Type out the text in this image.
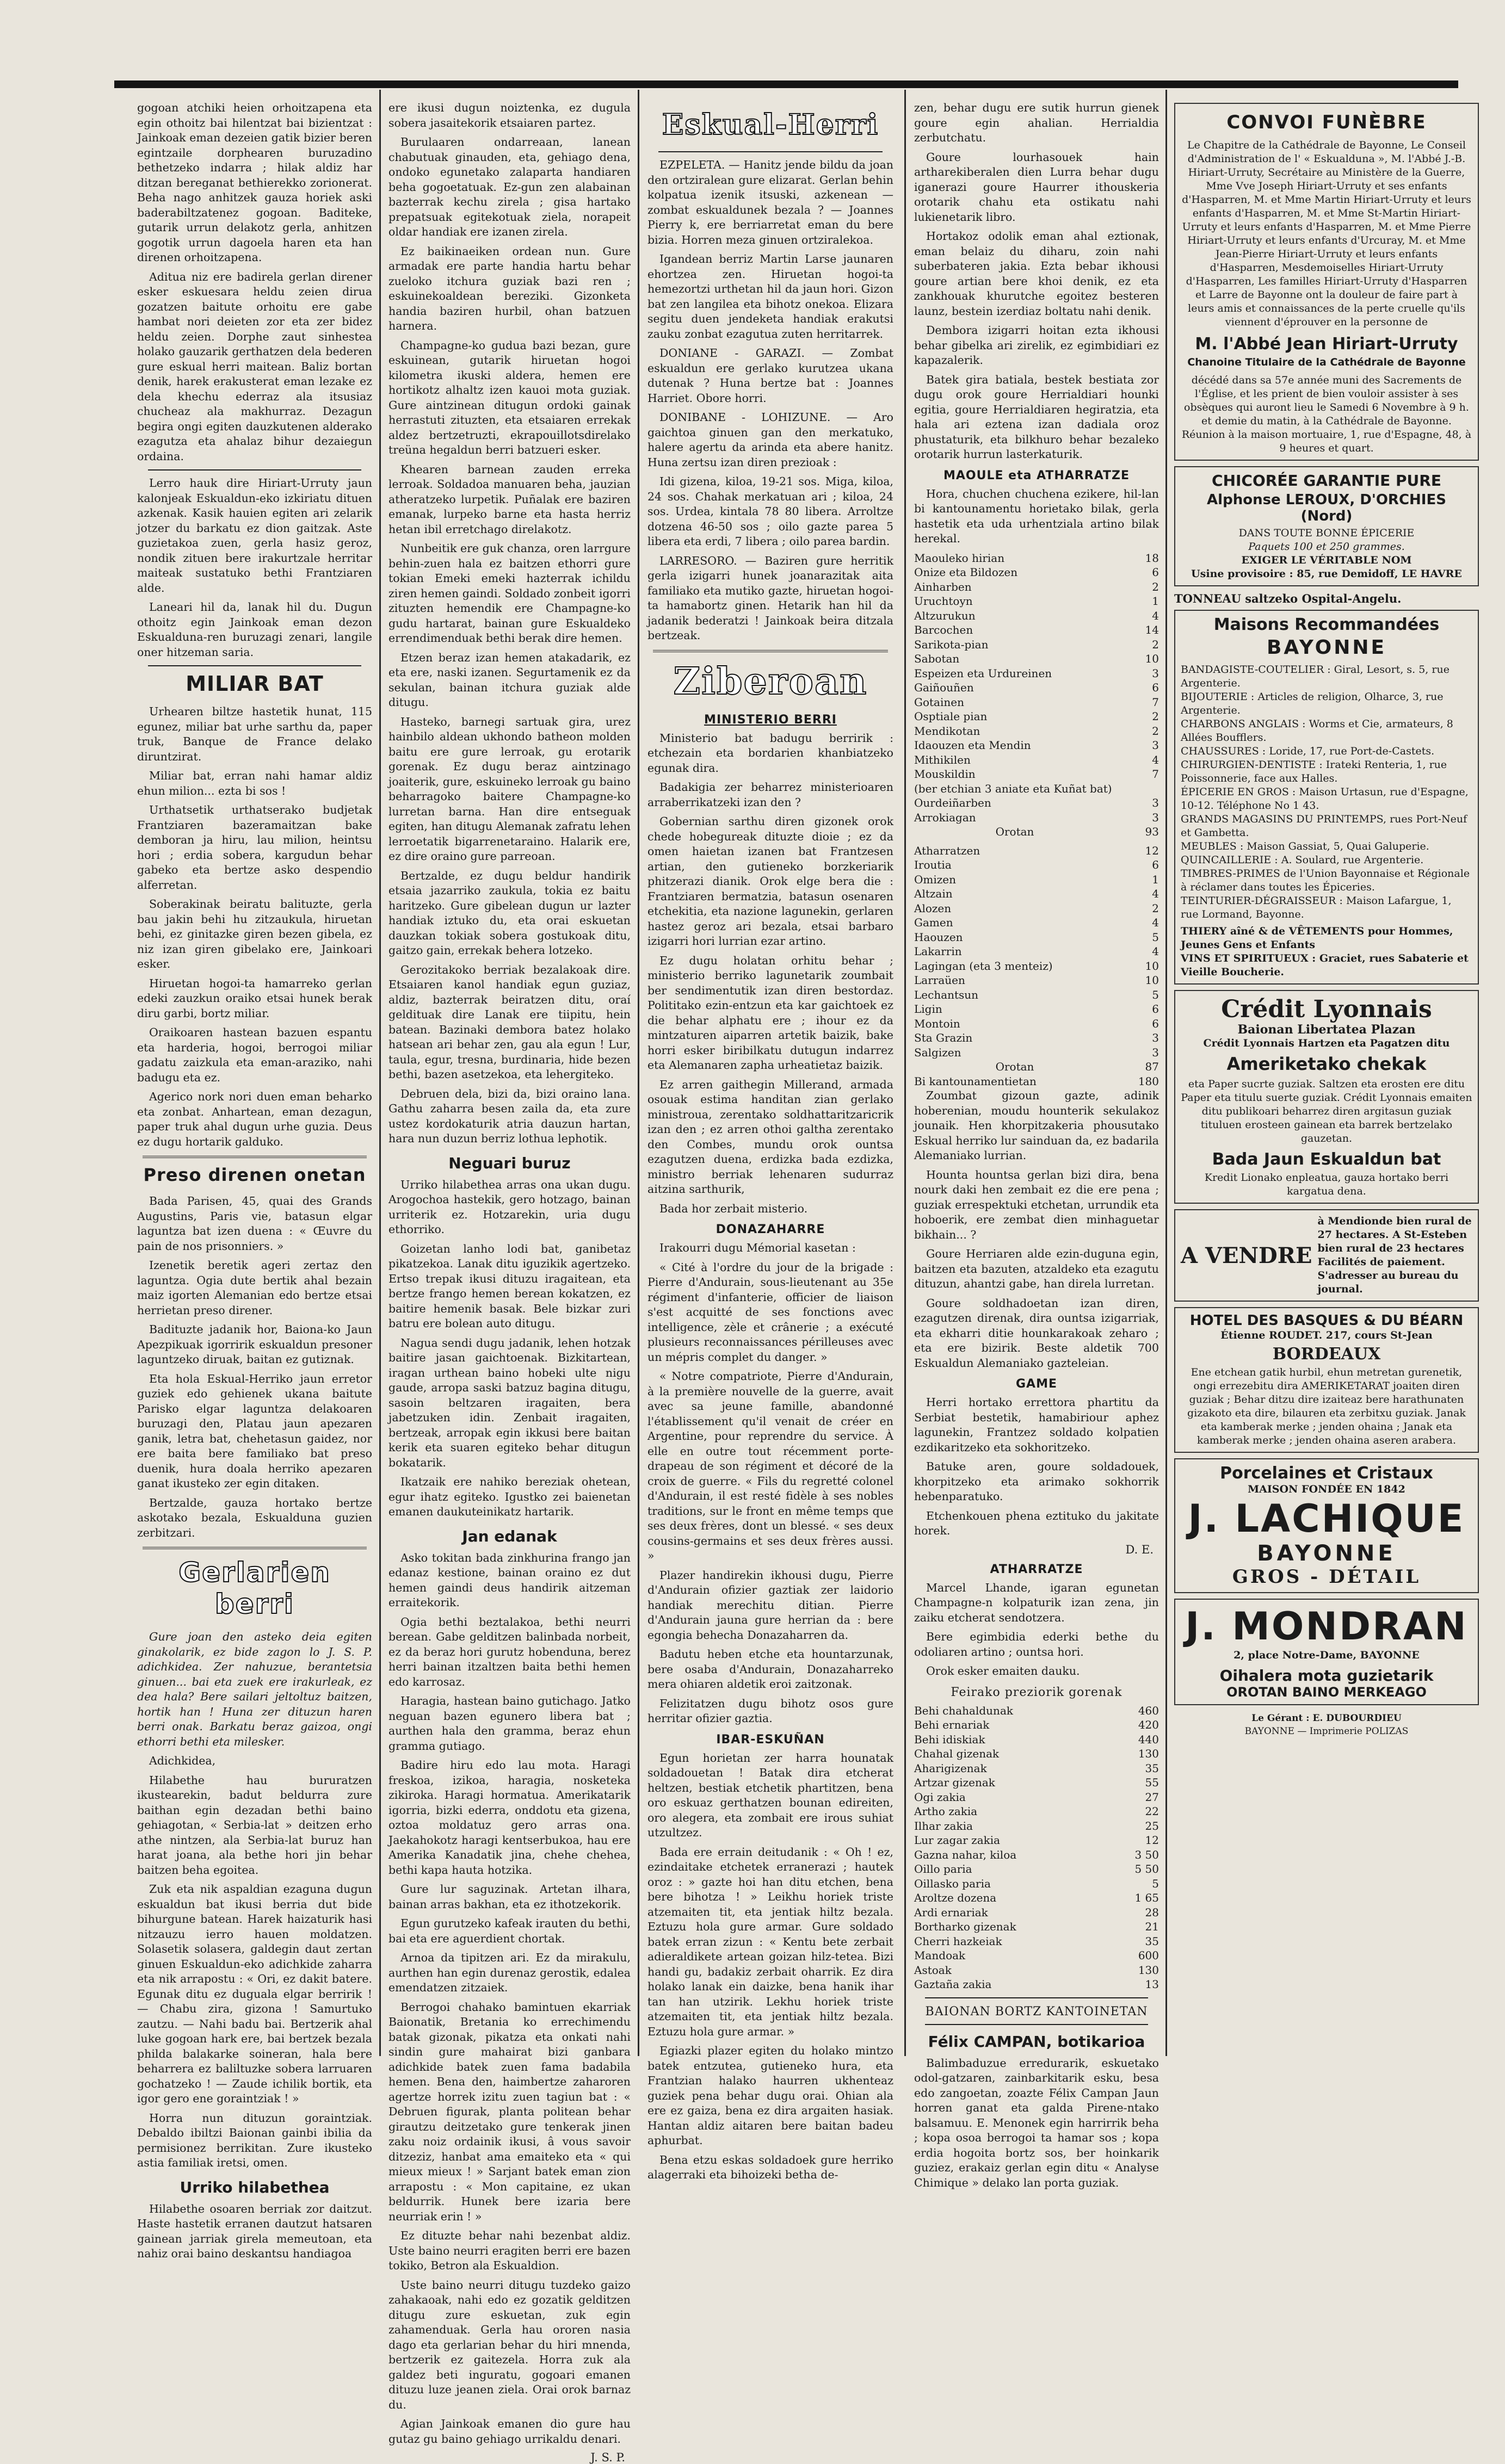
gogoan atchiki heien orhoitzapena eta egin othoitz bai hilentzat bai bizientzat : Jainkoak eman dezeien gatik bizier beren egintzaile dorphearen buruzadino bethetzeko indarra ; hilak aldiz har ditzan bereganat bethierekko zorionerat. Beha nago anhitzek gauza horiek aski baderabiltzatenez gogoan. Baditeke, gutarik urrun delakotz gerla, anhitzen gogotik urrun dagoela haren eta han direnen orhoitzapena.

Aditua niz ere badirela gerlan direner esker eskuesara heldu zeien dirua gozatzen baitute orhoitu ere gabe hambat nori deieten zor eta zer bidez heldu zeien. Dorphe zaut sinhestea holako gauzarik gerthatzen dela bederen gure eskual herri maitean. Baliz bortan denik, harek erakusterat eman lezake ez dela khechu ederraz ala itsusiaz chucheaz ala makhurraz. Dezagun begira ongi egiten dauzkutenen alderako ezagutza eta ahalaz bihur dezaiegun ordaina.

Lerro hauk dire Hiriart-Urruty jaun kalonjeak Eskualdun-eko izkiriatu dituen azkenak. Kasik hauien egiten ari zelarik jotzer du barkatu ez dion gaitzak. Aste guzietakoa zuen, gerla hasiz geroz, nondik zituen bere irakurtzale herritar maiteak sustatuko bethi Frantziaren alde.

Laneari hil da, lanak hil du. Dugun othoitz egin Jainkoak eman dezon Eskualduna-ren buruzagi zenari, langile oner hitzeman saria.

MILIAR BAT

Urhearen biltze hastetik hunat, 115 egunez, miliar bat urhe sarthu da, paper truk, Banque de France delako diruntzirat.

Miliar bat, erran nahi hamar aldiz ehun milion... ezta bi sos !

Urthatsetik urthatserako budjetak Frantziaren bazeramaitzan bake demboran ja hiru, lau milion, heintsu hori ; erdia sobera, kargudun behar gabeko eta bertze asko despendio alferretan.

Soberakinak beiratu balituzte, gerla bau jakin behi hu zitzaukula, hiruetan behi, ez ginitazke giren bezen gibela, ez niz izan giren gibelako ere, Jainkoari esker.

Hiruetan hogoi-ta hamarreko gerlan edeki zauzkun oraiko etsai hunek berak diru garbi, bortz miliar.

Oraikoaren hastean bazuen espantu eta harderia, hogoi, berrogoi miliar gadatu zaizkula eta eman-araziko, nahi badugu eta ez.

Agerico nork nori duen eman beharko eta zonbat. Anhartean, eman dezagun, paper truk ahal dugun urhe guzia. Deus ez dugu hortarik galduko.

Preso direnen onetan

Bada Parisen, 45, quai des Grands Augustins, Paris vie, batasun elgar laguntza bat izen duena : « Œuvre du pain de nos prisonniers. »

Izenetik beretik ageri zertaz den laguntza. Ogia dute bertik ahal bezain maiz igorten Alemanian edo bertze etsai herrietan preso direner.

Badituzte jadanik hor, Baiona-ko Jaun Apezpikuak igorririk eskualdun presoner laguntzeko diruak, baitan ez gutiznak.

Eta hola Eskual-Herriko jaun erretor guziek edo gehienek ukana baitute Parisko elgar laguntza delakoaren buruzagi den, Platau jaun apezaren ganik, letra bat, chehetasun gaidez, nor ere baita bere familiako bat preso duenik, hura doala herriko apezaren ganat ikusteko zer egin ditaken.

Bertzalde, gauza hortako bertze askotako bezala, Eskualduna guzien zerbitzari.

Gerlarien berri

Gure joan den asteko deia egiten ginakolarik, ez bide zagon lo J. S. P. adichkidea. Zer nahuzue, berantetsia ginuen... bai eta zuek ere irakurleak, ez dea hala? Bere sailari jeltoltuz baitzen, hortik han ! Huna zer dituzun haren berri onak. Barkatu beraz gaizoa, ongi ethorri bethi eta milesker.

Adichkidea,

Hilabethe hau bururatzen ikustearekin, badut beldurra zure baithan egin dezadan bethi baino gehiagotan, « Serbia-lat » deitzen erho athe nintzen, ala Serbia-lat buruz han harat joana, ala bethe hori jin behar baitzen beha egoitea.

Zuk eta nik aspaldian ezaguna dugun eskualdun bat ikusi berria dut bide bihurgune batean. Harek haizaturik hasi nitzauzu ierro hauen moldatzen. Solasetik solasera, galdegin daut zertan ginuen Eskualdun-eko adichkide zaharra eta nik arrapostu : « Ori, ez dakit batere. Egunak ditu ez duguala elgar berririk ! — Chabu zira, gizona ! Samurtuko zautzu. — Nahi badu bai. Bertzerik ahal luke gogoan hark ere, bai bertzek bezala philda balakarke soineran, hala bere beharrera ez baliltuzke sobera larruaren gochatzeko ! — Zaude ichilik bortik, eta igor gero ene goraintziak ! »

Horra nun dituzun goraintziak. Debaldo ibiltzi Baionan gainbi ibilia da permisionez berrikitan. Zure ikusteko astia familiak iretsi, omen.

Urriko hilabethea

Hilabethe osoaren berriak zor daitzut. Haste hastetik erranen dautzut hatsaren gainean jarriak girela memeutoan, eta nahiz orai baino deskantsu handiagoa

ere ikusi dugun noiztenka, ez dugula sobera jasaitekorik etsaiaren partez.

Burulaaren ondarreaan, lanean chabutuak ginauden, eta, gehiago dena, ondoko egunetako zalaparta handiaren beha gogoetatuak. Ez-gun zen alabainan bazterrak kechu zirela ; gisa hartako prepatsuak egitekotuak ziela, norapeit oldar handiak ere izanen zirela.

Ez baikinaeiken ordean nun. Gure armadak ere parte handia hartu behar zueloko itchura guziak bazi ren ; eskuinekoaldean bereziki. Gizonketa handia baziren hurbil, ohan batzuen harnera.

Champagne-ko gudua bazi bezan, gure eskuinean, gutarik hiruetan hogoi kilometra ikuski aldera, hemen ere hortikotz alhaltz izen kauoi mota guziak. Gure aintzinean ditugun ordoki gainak herrastuti zituzten, eta etsaiaren errekak aldez bertzetruzti, ekrapouillotsdirelako treüna hegaldun berri batzueri esker.

Khearen barnean zauden erreka lerroak. Soldadoa manuaren beha, jauzian atheratzeko lurpetik. Puñalak ere baziren emanak, lurpeko barne eta hasta herriz hetan ibil erretchago direlakotz.

Nunbeitik ere guk chanza, oren larrgure behin-zuen hala ez baitzen ethorri gure tokian Emeki emeki hazterrak ichildu ziren hemen gaindi. Soldado zonbeit igorri zituzten hemendik ere Champagne-ko gudu hartarat, bainan gure Eskualdeko errendimenduak bethi berak dire hemen.

Etzen beraz izan hemen atakadarik, ez eta ere, naski izanen. Segurtamenik ez da sekulan, bainan itchura guziak alde ditugu.

Hasteko, barnegi sartuak gira, urez hainbilo aldean ukhondo batheon molden baitu ere gure lerroak, gu erotarik gorenak. Ez dugu beraz aintzinago joaiterik, gure, eskuineko lerroak gu baino beharragoko baitere Champagne-ko lurretan barna. Han dire entseguak egiten, han ditugu Alemanak zafratu lehen lerroetatik bigarrenetaraino. Halarik ere, ez dire oraino gure parreoan.

Bertzalde, ez dugu beldur handirik etsaia jazarriko zaukula, tokia ez baitu haritzeko. Gure gibelean dugun ur lazter handiak iztuko du, eta orai eskuetan dauzkan tokiak sobera gostukoak ditu, gaitzo gain, errekak behera lotzeko.

Gerozitakoko berriak bezalakoak dire. Etsaiaren kanol handiak egun guziaz, aldiz, bazterrak beiratzen ditu, oraí geldituak dire Lanak ere tiipitu, hein batean. Bazinaki dembora batez holako hatsean ari behar zen, gau ala egun ! Lur, taula, egur, tresna, burdinaria, hide bezen bethi, bazen asetzekoa, eta lehergiteko.

Debruen dela, bizi da, bizi oraino lana. Gathu zaharra besen zaila da, eta zure ustez kordokaturik atria dauzun hartan, hara nun duzun berriz lothua lephotik.

Neguari buruz

Urriko hilabethea arras ona ukan dugu. Arogochoa hastekik, gero hotzago, bainan urriterik ez. Hotzarekin, uria dugu ethorriko.

Goizetan lanho lodi bat, ganibetaz pikatzekoa. Lanak ditu iguzikik agertzeko. Ertso trepak ikusi dituzu iragaitean, eta bertze frango hemen berean kokatzen, ez baitire hemenik basak. Bele bizkar zuri batru ere bolean auto ditugu.

Nagua sendi dugu jadanik, lehen hotzak baitire jasan gaichtoenak. Bizkitartean, iragan urthean baino hobeki ulte nigu gaude, arropa saski batzuz bagina ditugu, sasoin beltzaren iragaiten, bera jabetzuken idin. Zenbait iragaiten, bertzeak, arropak egin ikkusi bere baitan kerik eta suaren egiteko behar ditugun bokatarik.

Ikatzaik ere nahiko bereziak ohetean, egur ihatz egiteko. Igustko zei baienetan emanen daukuteinikatz hartarik.

Jan edanak

Asko tokitan bada zinkhurina frango jan edanaz kestione, bainan oraino ez dut hemen gaindi deus handirik aitzeman erraitekorik.

Ogia bethi beztalakoa, bethi neurri berean. Gabe gelditzen balinbada norbeit, ez da beraz hori gurutz hobenduna, berez herri bainan itzaltzen baita bethi hemen edo karrosaz.

Haragia, hastean baino gutichago. Jatko neguan bazen egunero libera bat ; aurthen hala den gramma, beraz ehun gramma gutiago.

Badire hiru edo lau mota. Haragi freskoa, izikoa, haragia, nosketeka zikiroka. Haragi hormatua. Amerikatarik igorria, bizki ederra, onddotu eta gizena, oztoa moldatuz gero arras ona. Jaekahokotz haragi kentserbukoa, hau ere Amerika Kanadatik jina, chehe chehea, bethi kapa hauta hotzika.

Gure lur saguzinak. Artetan ilhara, bainan arras bakhan, eta ez ithotzekorik.

Egun gurutzeko kafeak irauten du bethi, bai eta ere aguerdient chortak.

Arnoa da tipitzen ari. Ez da mirakulu, aurthen han egin durenaz gerostik, edalea emendatzen zitzaiek.

Berrogoi chahako bamintuen ekarriak Baionatik, Bretania ko errechimendu batak gizonak, pikatza eta onkati nahi sindin gure mahairat bizi ganbara adichkide batek zuen fama badabila hemen. Bena den, haimbertze zaharoren agertze horrek izitu zuen tagiun bat : « Debruen figurak, planta politean behar girautzu deitzetako gure tenkerak jinen zaku noiz ordainik ikusi, â vous savoir ditzeziz, hanbat ama emaiteko eta « qui mieux mieux ! » Sarjant batek eman zion arrapostu : « Mon capitaine, ez ukan beldurrik. Hunek bere izaria bere neurriak erin ! »

Ez dituzte behar nahi bezenbat aldiz. Uste baino neurri eragiten berri ere bazen tokiko, Betron ala Eskualdion.

Uste baino neurri ditugu tuzdeko gaizo zahakaoak, nahi edo ez gozatik gelditzen ditugu zure eskuetan, zuk egin zahamenduak. Gerla hau ororen nasia dago eta gerlarian behar du hiri mnenda, bertzerik ez gaitezela. Horra zuk ala galdez beti inguratu, gogoari emanen dituzu luze jeanen ziela. Orai orok barnaz du.

Agian Jainkoak emanen dio gure hau gutaz gu baino gehiago urrikaldu denari.

J. S. P.
Eskual-Herri

EZPELETA. — Hanitz jende bildu da joan den ortziralean gure elizarat. Gerlan behin kolpatua izenik itsuski, azkenean — zombat eskualdunek bezala ? — Joannes Pierry k, ere berriarretat eman du bere bizia. Horren meza ginuen ortziralekoa.

Igandean berriz Martin Larse jaunaren ehortzea zen. Hiruetan hogoi-ta hemezortzi urthetan hil da jaun hori. Gizon bat zen langilea eta bihotz onekoa. Elizara segitu duen jendeketa handiak erakutsi zauku zonbat ezagutua zuten herritarrek.

DONIANE - GARAZI. — Zombat eskualdun ere gerlako kurutzea ukana dutenak ? Huna bertze bat : Joannes Harriet. Obore horri.

DONIBANE - LOHIZUNE. — Aro gaichtoa ginuen gan den merkatuko, halere agertu da arinda eta abere hanitz. Huna zertsu izan diren prezioak :

Idi gizena, kiloa, 19-21 sos. Miga, kiloa, 24 sos. Chahak merkatuan ari ; kiloa, 24 sos. Urdea, kintala 78 80 libera. Arroltze dotzena 46-50 sos ; oilo gazte parea 5 libera eta erdi, 7 libera ; oilo parea bardin.

LARRESORO. — Baziren gure herritik gerla izigarri hunek joanarazitak aita familiako eta mutiko gazte, hiruetan hogoi-ta hamabortz ginen. Hetarik han hil da jadanik bederatzi ! Jainkoak beira ditzala bertzeak.

Ziberoan
MINISTERIO BERRI

Ministerio bat badugu berririk : etchezain eta bordarien khanbiatzeko egunak dira.

Badakigia zer beharrez ministerioaren arraberrikatzeki izan den ?

Gobernian sarthu diren gizonek orok chede hobegureak dituzte dioie ; ez da omen haietan izanen bat Frantzesen artian, den gutieneko borzkeriarik phitzerazi dianik. Orok elge bera die : Frantziaren bermatzia, batasun osenaren etchekitia, eta nazione lagunekin, gerlaren hastez geroz ari bezala, etsai barbaro izigarri hori lurrian ezar artino.

Ez dugu holatan orhitu behar ; ministerio berriko lagunetarik zoumbait ber sendimentutik izan diren bestordaz. Polititako ezin-entzun eta kar gaichtoek ez die behar alphatu ere ; ihour ez da mintzaturen aiparren artetik baizik, bake horri esker biribilkatu dutugun indarrez eta Alemanaren zapha urheatietaz baizik.

Ez arren gaithegin Millerand, armada osouak estima handitan zian gerlako ministroua, zerentako soldhattaritzaricrik izan den ; ez arren othoi galtha zerentako den Combes, mundu orok ountsa ezagutzen duena, erdizka bada ezdizka, ministro berriak lehenaren sudurraz aitzina sarthurik,

Bada hor zerbait misterio.

DONAZAHARRE

Irakourri dugu Mémorial kasetan :

« Cité à l'ordre du jour de la brigade : Pierre d'Andurain, sous-lieutenant au 35e régiment d'infanterie, officier de liaison s'est acquitté de ses fonctions avec intelligence, zèle et crânerie ; a exécuté plusieurs reconnaissances périlleuses avec un mépris complet du danger. »

« Notre compatriote, Pierre d'Andurain, à la première nouvelle de la guerre, avait avec sa jeune famille, abandonné l'établissement qu'il venait de créer en Argentine, pour reprendre du service. À elle en outre tout récemment porte-drapeau de son régiment et décoré de la croix de guerre. « Fils du regretté colonel d'Andurain, il est resté fidèle à ses nobles traditions, sur le front en même temps que ses deux frères, dont un blessé. « ses deux cousins-germains et ses deux frères aussi. »

Plazer handirekin ikhousi dugu, Pierre d'Andurain ofizier gaztiak zer laidorio handiak merechitu ditian. Pierre d'Andurain jauna gure herrian da : bere egongia behecha Donazaharren da.

Badutu heben etche eta hountarzunak, bere osaba d'Andurain, Donazaharreko mera ohiaren aldetik eroi zaitzonak.

Felizitatzen dugu bihotz osos gure herritar ofizier gaztia.

IBAR-ESKUÑAN

Egun horietan zer harra hounatak soldadouetan ! Batak dira etcherat heltzen, bestiak etchetik phartitzen, bena oro eskuaz gerthatzen bounan edireiten, oro alegera, eta zombait ere irous suhiat utzultzez.

Bada ere errain deitudanik : « Oh ! ez, ezindaitake etchetek erranerazi ; hautek oroz : » gazte hoi han ditu etchen, bena bere bihotza ! » Leikhu horiek triste atzemaiten tit, eta jentiak hiltz bezala. Eztuzu hola gure armar. Gure soldado batek erran zizun : « Kentu bete zerbait adieraldikete artean goizan hilz-tetea. Bizi handi gu, badakiz zerbait oharrik. Ez dira holako lanak ein daizke, bena hanik ihar tan han utzirik. Lekhu horiek triste atzemaiten tit, eta jentiak hiltz bezala. Eztuzu hola gure armar. »

Egiazki plazer egiten du holako mintzo batek entzutea, gutieneko hura, eta Frantzian halako haurren ukhenteaz guziek pena behar dugu orai. Ohian ala ere ez gaiza, bena ez dira argaiten hasiak. Hantan aldiz aitaren bere baitan badeu aphurbat.

Bena etzu eskas soldadoek gure herriko alagerraki eta bihoizeki betha de-

zen, behar dugu ere sutik hurrun gienek goure egin ahalian. Herrialdia zerbutchatu.

Goure lourhasouek hain artharekiberalen dien Lurra behar dugu iganerazi goure Haurrer ithouskeria orotarik chahu eta ostikatu nahi lukienetarik libro.

Hortakoz odolik eman ahal eztionak, eman belaiz du diharu, zoin nahi suberbateren jakia. Ezta bebar ikhousi goure artian bere khoi denik, ez eta zankhouak khurutche egoitez besteren launz, bestein izerdiaz boltatu nahi denik.

Dembora izigarri hoitan ezta ikhousi behar gibelka ari zirelik, ez egimbidiari ez kapazalerik.

Batek gira batiala, bestek bestiata zor dugu orok goure Herrialdiari hounki egitia, goure Herrialdiaren hegiratzia, eta hala ari eztena izan dadiala oroz phustaturik, eta bilkhuro behar bezaleko orotarik hurrun lasterkaturik.

MAOULE eta ATHARRATZE

Hora, chuchen chuchena ezikere, hil-lan bi kantounamentu horietako bilak, gerla hastetik eta uda urhentziala artino bilak herekal.

Maouleko hirian	18
Onize eta Bildozen	6
Ainharben	2
Uruchtoyn	1
Altzurukun	4
Barcochen	14
Sarikota-pian	2
Sabotan	10
Espeizen eta Urdureinen	3
Gaiñouñen	6
Gotainen	7
Osptiale pian	2
Mendikotan	2
Idaouzen eta Mendin	3
Mithikilen	4
Mouskildin	7
(ber etchian 3 aniate eta Kuñat bat)	
Ourdeiñarben	3
Arrokiagan	3
Orotan	93
Atharratzen	12
Iroutia	6
Omizen	1
Altzain	4
Alozen	2
Gamen	4
Haouzen	5
Lakarrin	4
Lagingan (eta 3 menteiz)	10
Larraüen	10
Lechantsun	5
Ligin	6
Montoin	6
Sta Grazin	3
Salgizen	3
Orotan	87
Bi kantounamentietan	180

Zoumbat gizoun gazte, adinik hoberenian, moudu hounterik sekulakoz jounaik. Hen khorpitzakeria phousutako Eskual herriko lur sainduan da, ez badarila Alemaniako lurrian.

Hounta hountsa gerlan bizi dira, bena nourk daki hen zembait ez die ere pena ; guziak errespektuki etchetan, urrundik eta hoboerik, ere zembat dien minhaguetar bikhain... ?

Goure Herriaren alde ezin-duguna egin, baitzen eta bazuten, atzaldeko eta ezagutu dituzun, ahantzi gabe, han direla lurretan.

Goure soldhadoetan izan diren, ezagutzen direnak, dira ountsa izigarriak, eta ekharri ditie hounkarakoak zeharo ; eta ere bizirik. Beste aldetik 700 Eskualdun Alemaniako gazteleian.

GAME

Herri hortako errettora phartitu da Serbiat bestetik, hamabiriour aphez lagunekin, Frantzez soldado kolpatien ezdikaritzeko eta sokhoritzeko.

Batuke aren, goure soldadouek, khorpitzeko eta arimako sokhorrik hebenparatuko.

Etchenkouen phena eztituko du jakitate horek.

D. E.
ATHARRATZE

Marcel Lhande, igaran egunetan Champagne-n kolpaturik izan zena, jin zaiku etcherat sendotzera.

Bere egimbidia ederki bethe du odoliaren artino ; ountsa hori.

Orok esker emaiten dauku.

Feirako preziorik gorenak
Behi chahaldunak	460
Behi ernariak	420
Behi idiskiak	440
Chahal gizenak	130
Aharigizenak	35
Artzar gizenak	55
Ogi zakia	27
Artho zakia	22
Ilhar zakia	25
Lur zagar zakia	12
Gazna nahar, kiloa	3 50
Oillo paria	5 50
Oillasko paria	5
Aroltze dozena	1 65
Ardi ernariak	28
Bortharko gizenak	21
Cherri hazkeiak	35
Mandoak	600
Astoak	130
Gaztaña zakia	13
BAIONAN BORTZ KANTOINETAN
Félix CAMPAN, botikarioa

Balimbaduzue erredurarik, eskuetako odol-gatzaren, zainbarkitarik esku, besa edo zangoetan, zoazte Félix Campan Jaun horren ganat eta galda Pirene-ntako balsamuu. E. Menonek egin harrirrik beha ; kopa osoa berrogoi ta hamar sos ; kopa erdia hogoita bortz sos, ber hoinkarik guziez, erakaiz gerlan egin ditu « Analyse Chimique » delako lan porta guziak.

CONVOI FUNÈBRE
Le Chapitre de la Cathédrale de Bayonne, Le Conseil d'Administration de l' « Eskualduna », M. l'Abbé J.-B. Hiriart-Urruty, Secrétaire au Ministère de la Guerre, Mme Vve Joseph Hiriart-Urruty et ses enfants d'Hasparren, M. et Mme Martin Hiriart-Urruty et leurs enfants d'Hasparren, M. et Mme St-Martin Hiriart-Urruty et leurs enfants d'Hasparren, M. et Mme Pierre Hiriart-Urruty et leurs enfants d'Urcuray, M. et Mme Jean-Pierre Hiriart-Urruty et leurs enfants d'Hasparren, Mesdemoiselles Hiriart-Urruty d'Hasparren, Les familles Hiriart-Urruty d'Hasparren et Larre de Bayonne ont la douleur de faire part à leurs amis et connaissances de la perte cruelle qu'ils viennent d'éprouver en la personne de
M. l'Abbé Jean Hiriart-Urruty
Chanoine Titulaire de la Cathédrale de Bayonne
décédé dans sa 57e année muni des Sacrements de l'Église, et les prient de bien vouloir assister à ses obsèques qui auront lieu le Samedi 6 Novembre à 9 h. et demie du matin, à la Cathédrale de Bayonne. Réunion à la maison mortuaire, 1, rue d'Espagne, 48, à 9 heures et quart.
CHICORÉE GARANTIE PURE
Alphonse LEROUX, D'ORCHIES (Nord)
DANS TOUTE BONNE ÉPICERIE
Paquets 100 et 250 grammes.
EXIGER LE VÉRITABLE NOM
Usine provisoire : 85, rue Demidoff, LE HAVRE
TONNEAU saltzeko Ospital-Angelu.
Maisons Recommandées
BAYONNE
BANDAGISTE-COUTELIER : Giral, Lesort, s. 5, rue Argenterie.
BIJOUTERIE : Articles de religion, Olharce, 3, rue Argenterie.
CHARBONS ANGLAIS : Worms et Cie, armateurs, 8 Allées Boufflers.
CHAUSSURES : Loride, 17, rue Port-de-Castets.
CHIRURGIEN-DENTISTE : Irateki Renteria, 1, rue Poissonnerie, face aux Halles.
ÉPICERIE EN GROS : Maison Urtasun, rue d'Espagne, 10-12. Téléphone No 1 43.
GRANDS MAGASINS DU PRINTEMPS, rues Port-Neuf et Gambetta.
MEUBLES : Maison Gassiat, 5, Quai Galuperie.
QUINCAILLERIE : A. Soulard, rue Argenterie.
TIMBRES-PRIMES de l'Union Bayonnaise et Régionale à réclamer dans toutes les Épiceries.
TEINTURIER-DÉGRAISSEUR : Maison Lafargue, 1, rue Lormand, Bayonne.
THIERY aîné & de VÊTEMENTS pour Hommes, Jeunes Gens et Enfants
VINS ET SPIRITUEUX : Graciet, rues Sabaterie et Vieille Boucherie.
Crédit Lyonnais
Baionan Libertatea Plazan
Crédit Lyonnais Hartzen eta Pagatzen ditu
Ameriketako chekak
eta Paper sucrte guziak. Saltzen eta erosten ere ditu Paper eta titulu suerte guziak. Crédit Lyonnais emaiten ditu publikoari beharrez diren argitasun guziak tituluen erosteen gainean eta barrek bertzelako gauzetan.
Bada Jaun Eskualdun bat
Kredit Lionako enpleatua, gauza hortako berri kargatua dena.
A VENDRE
à Mendionde bien rural de 27 hectares. A St-Esteben bien rural de 23 hectares Facilités de paiement. S'adresser au bureau du journal.
HOTEL DES BASQUES & DU BÉARN
Étienne ROUDET. 217, cours St-Jean
BORDEAUX
Ene etchean gatik hurbil, ehun metretan gurenetik, ongi errezebitu dira AMERIKETARAT joaiten diren guziak ; Behar ditzu dire izaiteaz bere harathunaten gizakoto eta dire, bilauren eta zerbitxu guziak. Janak eta kamberak merke ; jenden ohaina ; Janak eta kamberak merke ; jenden ohaina aseren arabera.
Porcelaines et Cristaux
MAISON FONDÉE EN 1842
J. LACHIQUE
BAYONNE
GROS - DÉTAIL
J. MONDRAN
2, place Notre-Dame, BAYONNE
Oihalera mota guzietarik
OROTAN BAINO MERKEAGO
Le Gérant : E. DUBOURDIEU
BAYONNE — Imprimerie POLIZAS
